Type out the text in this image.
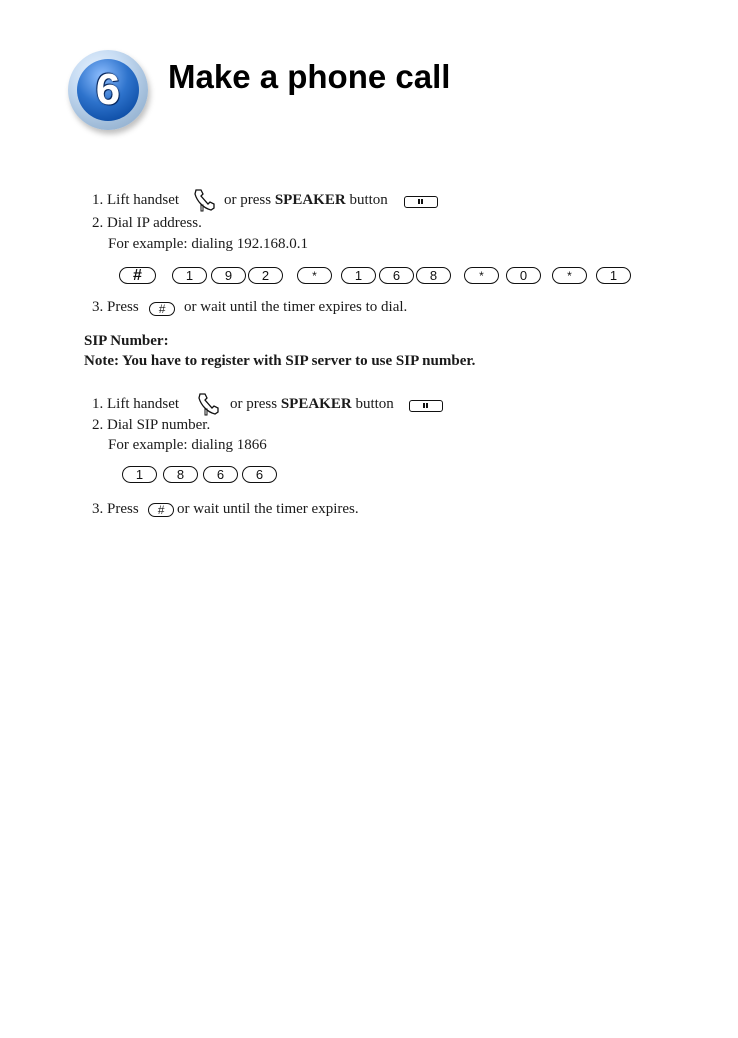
6	Make a phone call
1. Lift handset	or press SPEAKER button
2. Dial IP address.
For example: dialing 192.168.0.1
#	1	9	2	*	1	6	8	*	0	*	1
3. Press	#	or wait until the timer expires to dial.
SIP Number:
Note: You have to register with SIP server to use SIP number.
1. Lift handset	or press SPEAKER button
2. Dial SIP number.
For example: dialing 1866
1	8	6	6
3. Press	# or wait until the timer expires.
